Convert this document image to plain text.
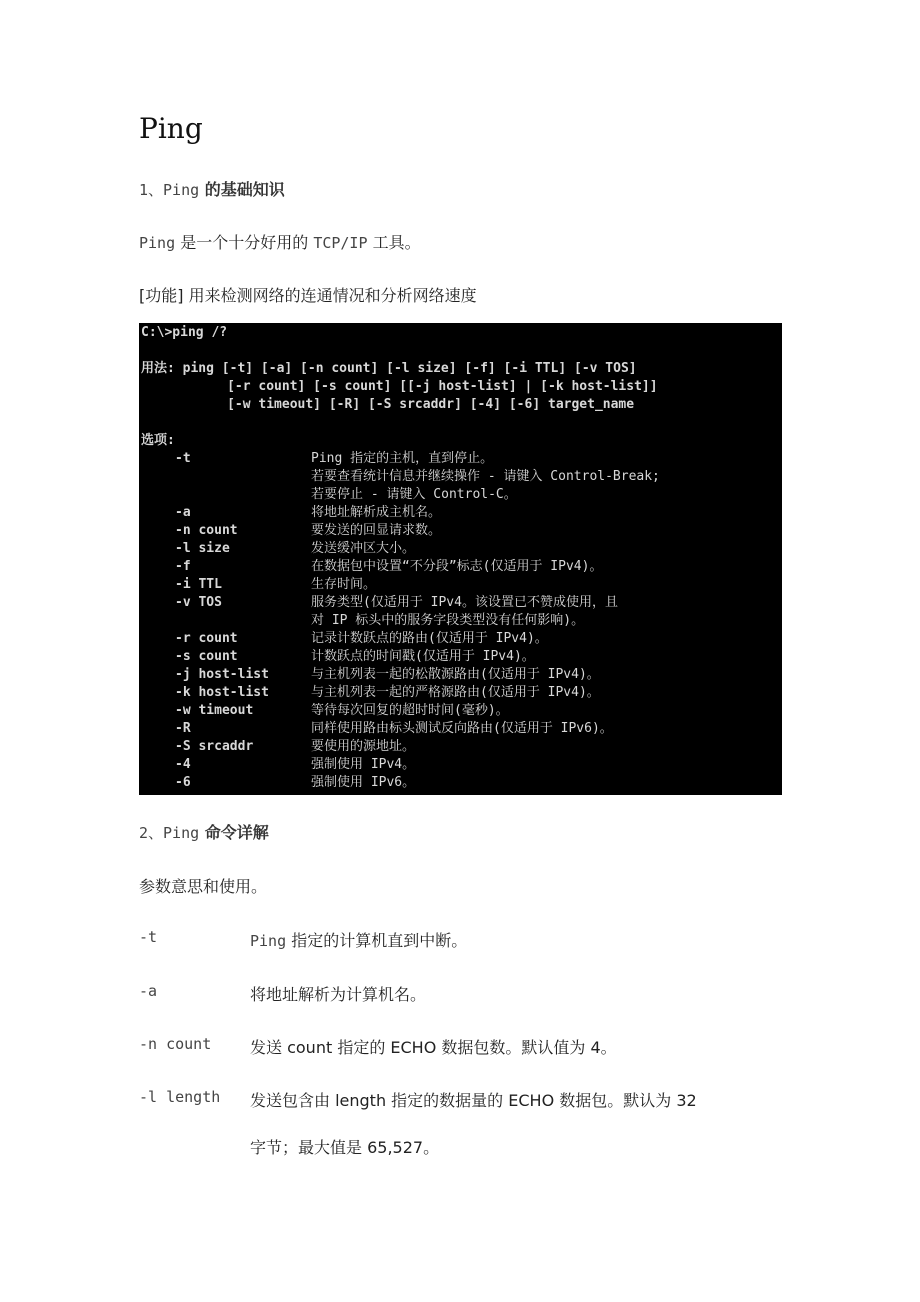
Ping
1、Ping 的基础知识
Ping 是一个十分好用的 TCP/IP 工具。
[功能] 用来检测网络的连通情况和分析网络速度
C:\>ping /?
用法: ping [-t] [-a] [-n count] [-l size] [-f] [-i TTL] [-v TOS]
[-r count] [-s count] [[-j host-list] | [-k host-list]]
[-w timeout] [-R] [-S srcaddr] [-4] [-6] target_name
选项:
-t	Ping 指定的主机，直到停止。
若要查看统计信息并继续操作 - 请键入 Control-Break;
若要停止 - 请键入 Control-C。
-a	将地址解析成主机名。
-n count	要发送的回显请求数。
-l size	发送缓冲区大小。
-f	在数据包中设置“不分段”标志(仅适用于 IPv4)。
-i TTL	生存时间。
-v TOS	服务类型(仅适用于 IPv4。该设置已不赞成使用，且
对 IP 标头中的服务字段类型没有任何影响)。
-r count	记录计数跃点的路由(仅适用于 IPv4)。
-s count	计数跃点的时间戳(仅适用于 IPv4)。
-j host-list	与主机列表一起的松散源路由(仅适用于 IPv4)。
-k host-list	与主机列表一起的严格源路由(仅适用于 IPv4)。
-w timeout	等待每次回复的超时时间(毫秒)。
-R	同样使用路由标头测试反向路由(仅适用于 IPv6)。
-S srcaddr	要使用的源地址。
-4	强制使用 IPv4。
-6	强制使用 IPv6。
2、Ping 命令详解
参数意思和使用。
-t	Ping 指定的计算机直到中断。
-a	将地址解析为计算机名。
-n count 发送 count 指定的 ECHO 数据包数。默认值为 4。
-l length 发送包含由 length 指定的数据量的 ECHO 数据包。默认为 32
字节；最大值是 65,527。
